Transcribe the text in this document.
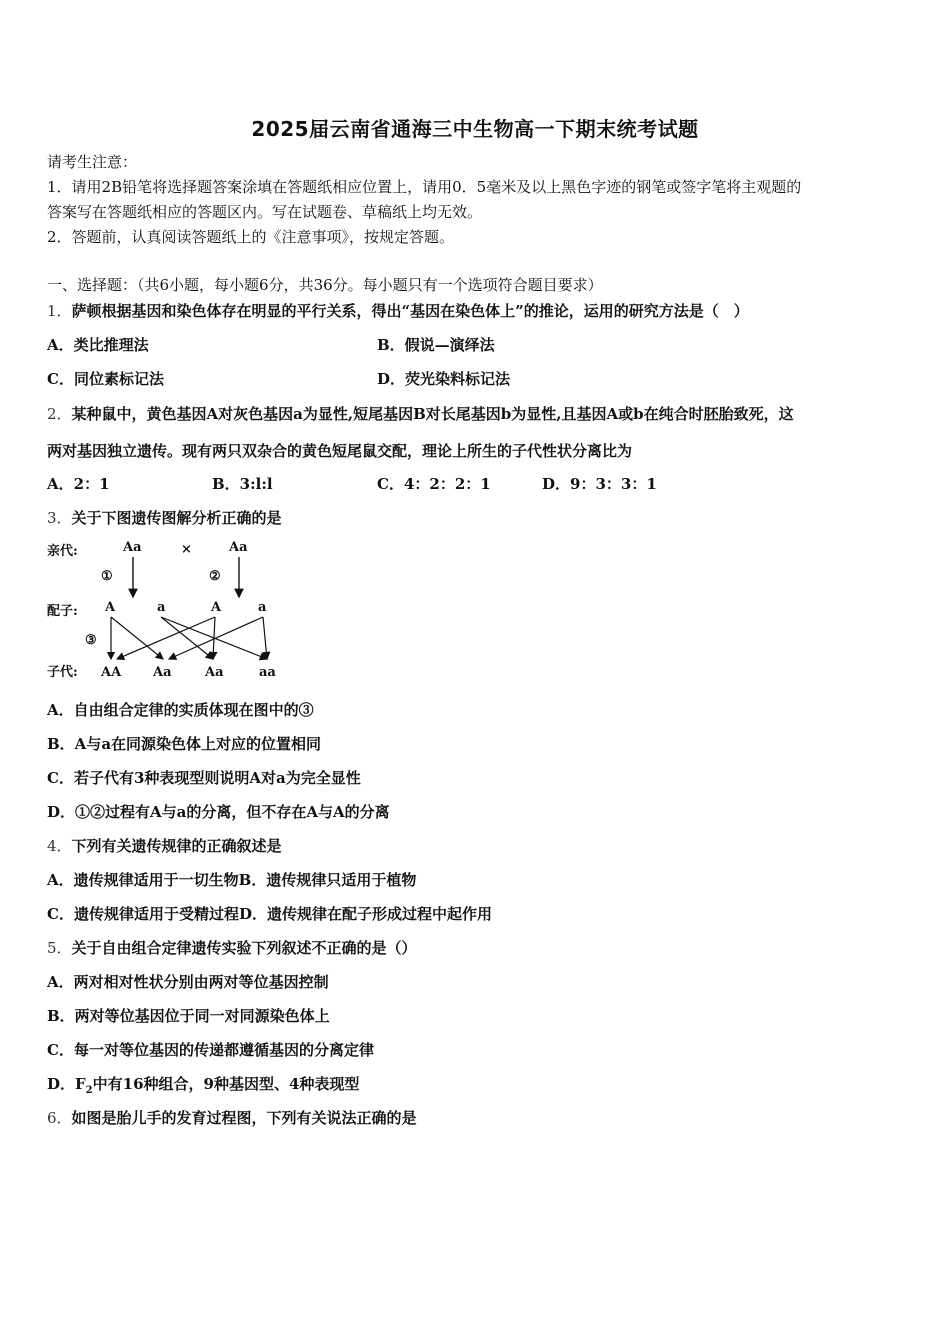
2025届云南省通海三中生物高一下期末统考试题
请考生注意：
1．请用2B铅笔将选择题答案涂填在答题纸相应位置上，请用0．5毫米及以上黑色字迹的钢笔或签字笔将主观题的
答案写在答题纸相应的答题区内。写在试题卷、草稿纸上均无效。
2．答题前，认真阅读答题纸上的《注意事项》，按规定答题。
一、选择题：（共6小题，每小题6分，共36分。每小题只有一个选项符合题目要求）
1．萨顿根据基因和染色体存在明显的平行关系，得出“基因在染色体上”的推论，运用的研究方法是（　）
A．类比推理法	B．假说—演绎法
C．同位素标记法	D．荧光染料标记法
2．某种鼠中，黄色基因A对灰色基因a为显性,短尾基因B对长尾基因b为显性,且基因A或b在纯合时胚胎致死，这
两对基因独立遗传。现有两只双杂合的黄色短尾鼠交配，理论上所生的子代性状分离比为
A．2：1	B．3:l:l	C．4：2：2：1	D．9：3：3：1
3．关于下图遗传图解分析正确的是
亲代:
配子:
子代:
Aa	×	Aa
①	②
A	a	A	a
③
AA Aa	Aa	aa
A．自由组合定律的实质体现在图中的③
B．A与a在同源染色体上对应的位置相同
C．若子代有3种表现型则说明A对a为完全显性
D．①②过程有A与a的分离，但不存在A与A的分离
4．下列有关遗传规律的正确叙述是
A．遗传规律适用于一切生物B．遗传规律只适用于植物
C．遗传规律适用于受精过程D．遗传规律在配子形成过程中起作用
5．关于自由组合定律遗传实验下列叙述不正确的是（）
A．两对相对性状分别由两对等位基因控制
B．两对等位基因位于同一对同源染色体上
C．每一对等位基因的传递都遵循基因的分离定律
D．$F_2$中有16种组合，9种基因型、4种表现型
6．如图是胎儿手的发育过程图，下列有关说法正确的是
